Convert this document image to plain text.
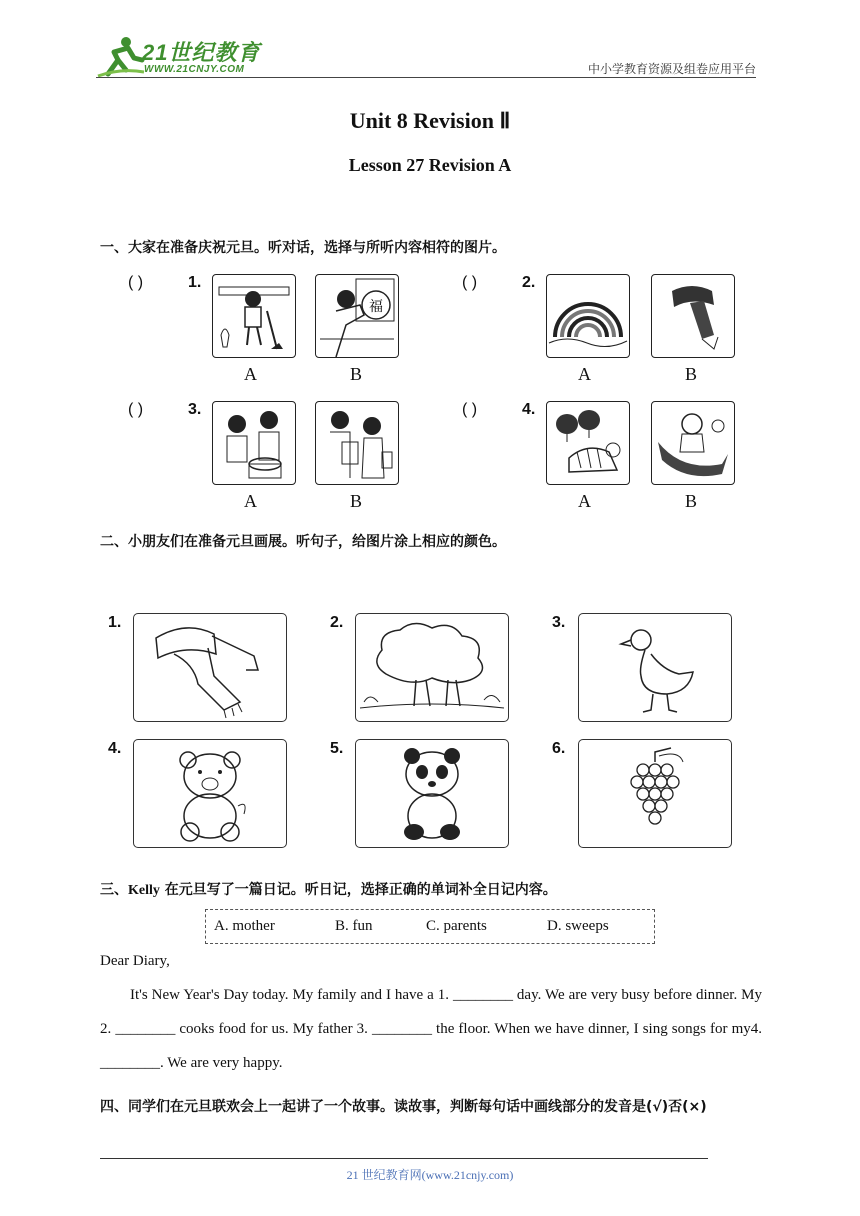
21世纪教育
WWW.21CNJY.COM	中小学教育资源及组卷应用平台
Unit 8 Revision Ⅱ
Lesson 27 Revision A
一、大家在准备庆祝元旦。听对话，选择与所听内容相符的图片。
( )	1.
福
A	B
( )	2.
A	B
( )	3.
A	B
( )	4.
A	B
二、小朋友们在准备元旦画展。听句子，给图片涂上相应的颜色。
1.	2.	3.
4.	5.	6.
三、Kelly 在元旦写了一篇日记。听日记，选择正确的单词补全日记内容。
A. mother	B. fun	C. parents	D. sweeps
Dear Diary,
It's New Year's Day today. My family and I have a 1. ________ day. We are very busy before dinner. My 2. ________ cooks food for us. My father 3. ________ the floor. When we have dinner, I sing songs for my4. ________. We are very happy.
四、同学们在元旦联欢会上一起讲了一个故事。读故事，判断每句话中画线部分的发音是(√)否(×)
21 世纪教育网(www.21cnjy.com)
